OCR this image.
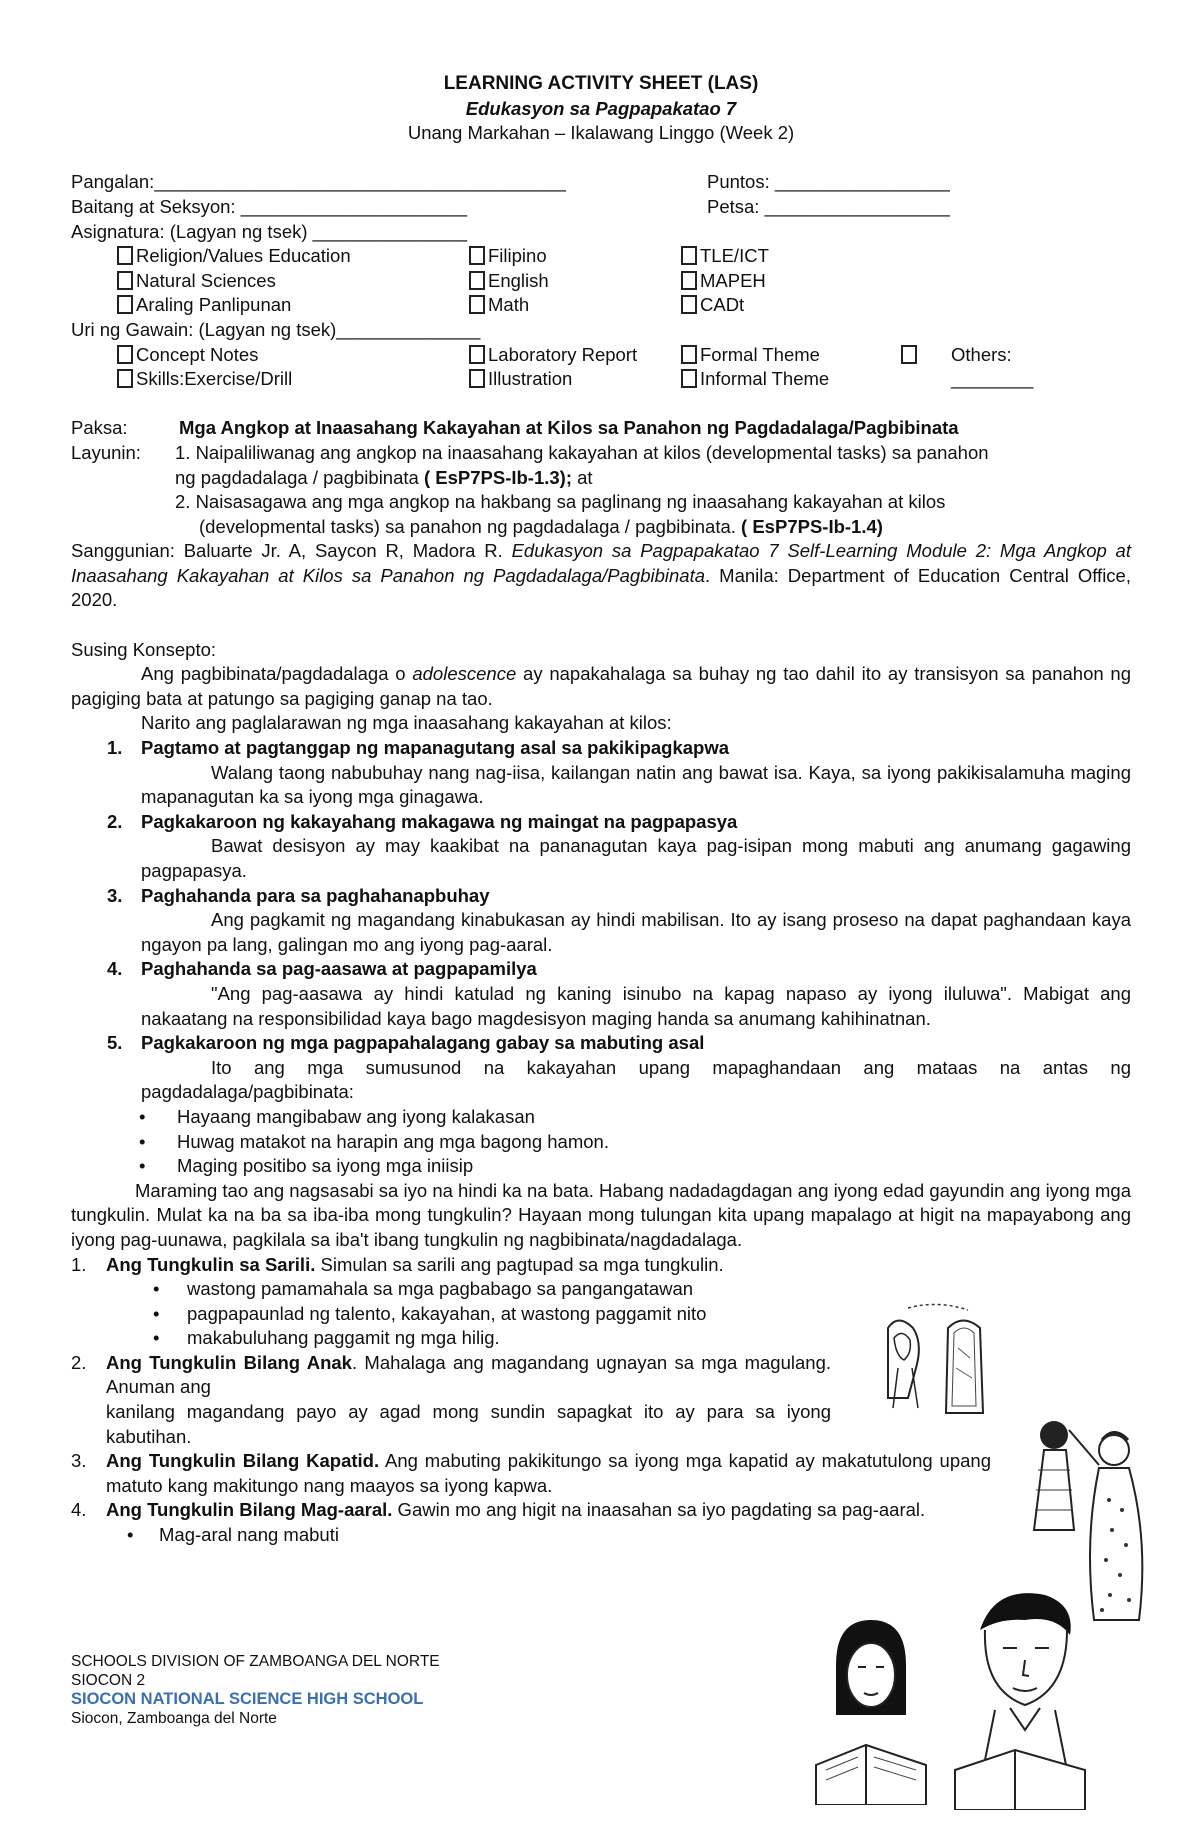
LEARNING ACTIVITY SHEET (LAS)
Edukasyon sa Pagpapakatao 7
Unang Markahan – Ikalawang Linggo (Week 2)
Pangalan:________________________________________	Puntos: _________________
Baitang at Seksyon: ______________________	Petsa: __________________
Asignatura: (Lagyan ng tsek) _______________
Religion/Values Education	Filipino	TLE/ICT
Natural Sciences	English	MAPEH
Araling Panlipunan	Math	CADt
Uri ng Gawain: (Lagyan ng tsek)______________
Concept Notes	Laboratory Report	Formal Theme	Others:
Skills:Exercise/Drill	Illustration	Informal Theme	________
Paksa:	Mga Angkop at Inaasahang Kakayahan at Kilos sa Panahon ng Pagdadalaga/Pagbibinata
Layunin: 1. Naipaliliwanag ang angkop na inaasahang kakayahan at kilos (developmental tasks) sa panahon
ng pagdadalaga / pagbibinata ( EsP7PS-Ib-1.3); at
2. Naisasagawa ang mga angkop na hakbang sa paglinang ng inaasahang kakayahan at kilos
(developmental tasks) sa panahon ng pagdadalaga / pagbibinata. ( EsP7PS-Ib-1.4)
Sanggunian: Baluarte Jr. A, Saycon R, Madora R. Edukasyon sa Pagpapakatao 7 Self-Learning Module 2: Mga Angkop at Inaasahang Kakayahan at Kilos sa Panahon ng Pagdadalaga/Pagbibinata. Manila: Department of Education Central Office, 2020.
Susing Konsepto:
Ang pagbibinata/pagdadalaga o adolescence ay napakahalaga sa buhay ng tao dahil ito ay transisyon sa panahon ng pagiging bata at patungo sa pagiging ganap na tao.
Narito ang paglalarawan ng mga inaasahang kakayahan at kilos:
1. Pagtamo at pagtanggap ng mapanagutang asal sa pakikipagkapwa
Walang taong nabubuhay nang nag-iisa, kailangan natin ang bawat isa. Kaya, sa iyong pakikisalamuha maging mapanagutan ka sa iyong mga ginagawa.
2. Pagkakaroon ng kakayahang makagawa ng maingat na pagpapasya
Bawat desisyon ay may kaakibat na pananagutan kaya pag-isipan mong mabuti ang anumang gagawing pagpapasya.
3. Paghahanda para sa paghahanapbuhay
Ang pagkamit ng magandang kinabukasan ay hindi mabilisan. Ito ay isang proseso na dapat paghandaan kaya ngayon pa lang, galingan mo ang iyong pag-aaral.
4. Paghahanda sa pag-aasawa at pagpapamilya
"Ang pag-aasawa ay hindi katulad ng kaning isinubo na kapag napaso ay iyong iluluwa". Mabigat ang nakaatang na responsibilidad kaya bago magdesisyon maging handa sa anumang kahihinatnan.
5. Pagkakaroon ng mga pagpapahalagang gabay sa mabuting asal
Ito ang mga sumusunod na kakayahan upang mapaghandaan ang mataas na antas ng pagdadalaga/pagbibinata:
• Hayaang mangibabaw ang iyong kalakasan
• Huwag matakot na harapin ang mga bagong hamon.
• Maging positibo sa iyong mga iniisip
Maraming tao ang nagsasabi sa iyo na hindi ka na bata. Habang nadadagdagan ang iyong edad gayundin ang iyong mga tungkulin. Mulat ka na ba sa iba-iba mong tungkulin? Hayaan mong tulungan kita upang mapalago at higit na mapayabong ang iyong pag-uunawa, pagkilala sa iba't ibang tungkulin ng nagbibinata/nagdadalaga.
1. Ang Tungkulin sa Sarili. Simulan sa sarili ang pagtupad sa mga tungkulin.
• wastong pamamahala sa mga pagbabago sa pangangatawan
• pagpapaunlad ng talento, kakayahan, at wastong paggamit nito
• makabuluhang paggamit ng mga hilig.
2. Ang Tungkulin Bilang Anak. Mahalaga ang magandang ugnayan sa mga magulang. Anuman ang
kanilang magandang payo ay agad mong sundin sapagkat ito ay para sa iyong kabutihan.
3. Ang Tungkulin Bilang Kapatid. Ang mabuting pakikitungo sa iyong mga kapatid ay makatutulong upang matuto kang makitungo nang maayos sa iyong kapwa.
4. Ang Tungkulin Bilang Mag-aaral. Gawin mo ang higit na inaasahan sa iyo pagdating sa pag-aaral.
• Mag-aral nang mabuti
SCHOOLS DIVISION OF ZAMBOANGA DEL NORTE
SIOCON 2
SIOCON NATIONAL SCIENCE HIGH SCHOOL
Siocon, Zamboanga del Norte
